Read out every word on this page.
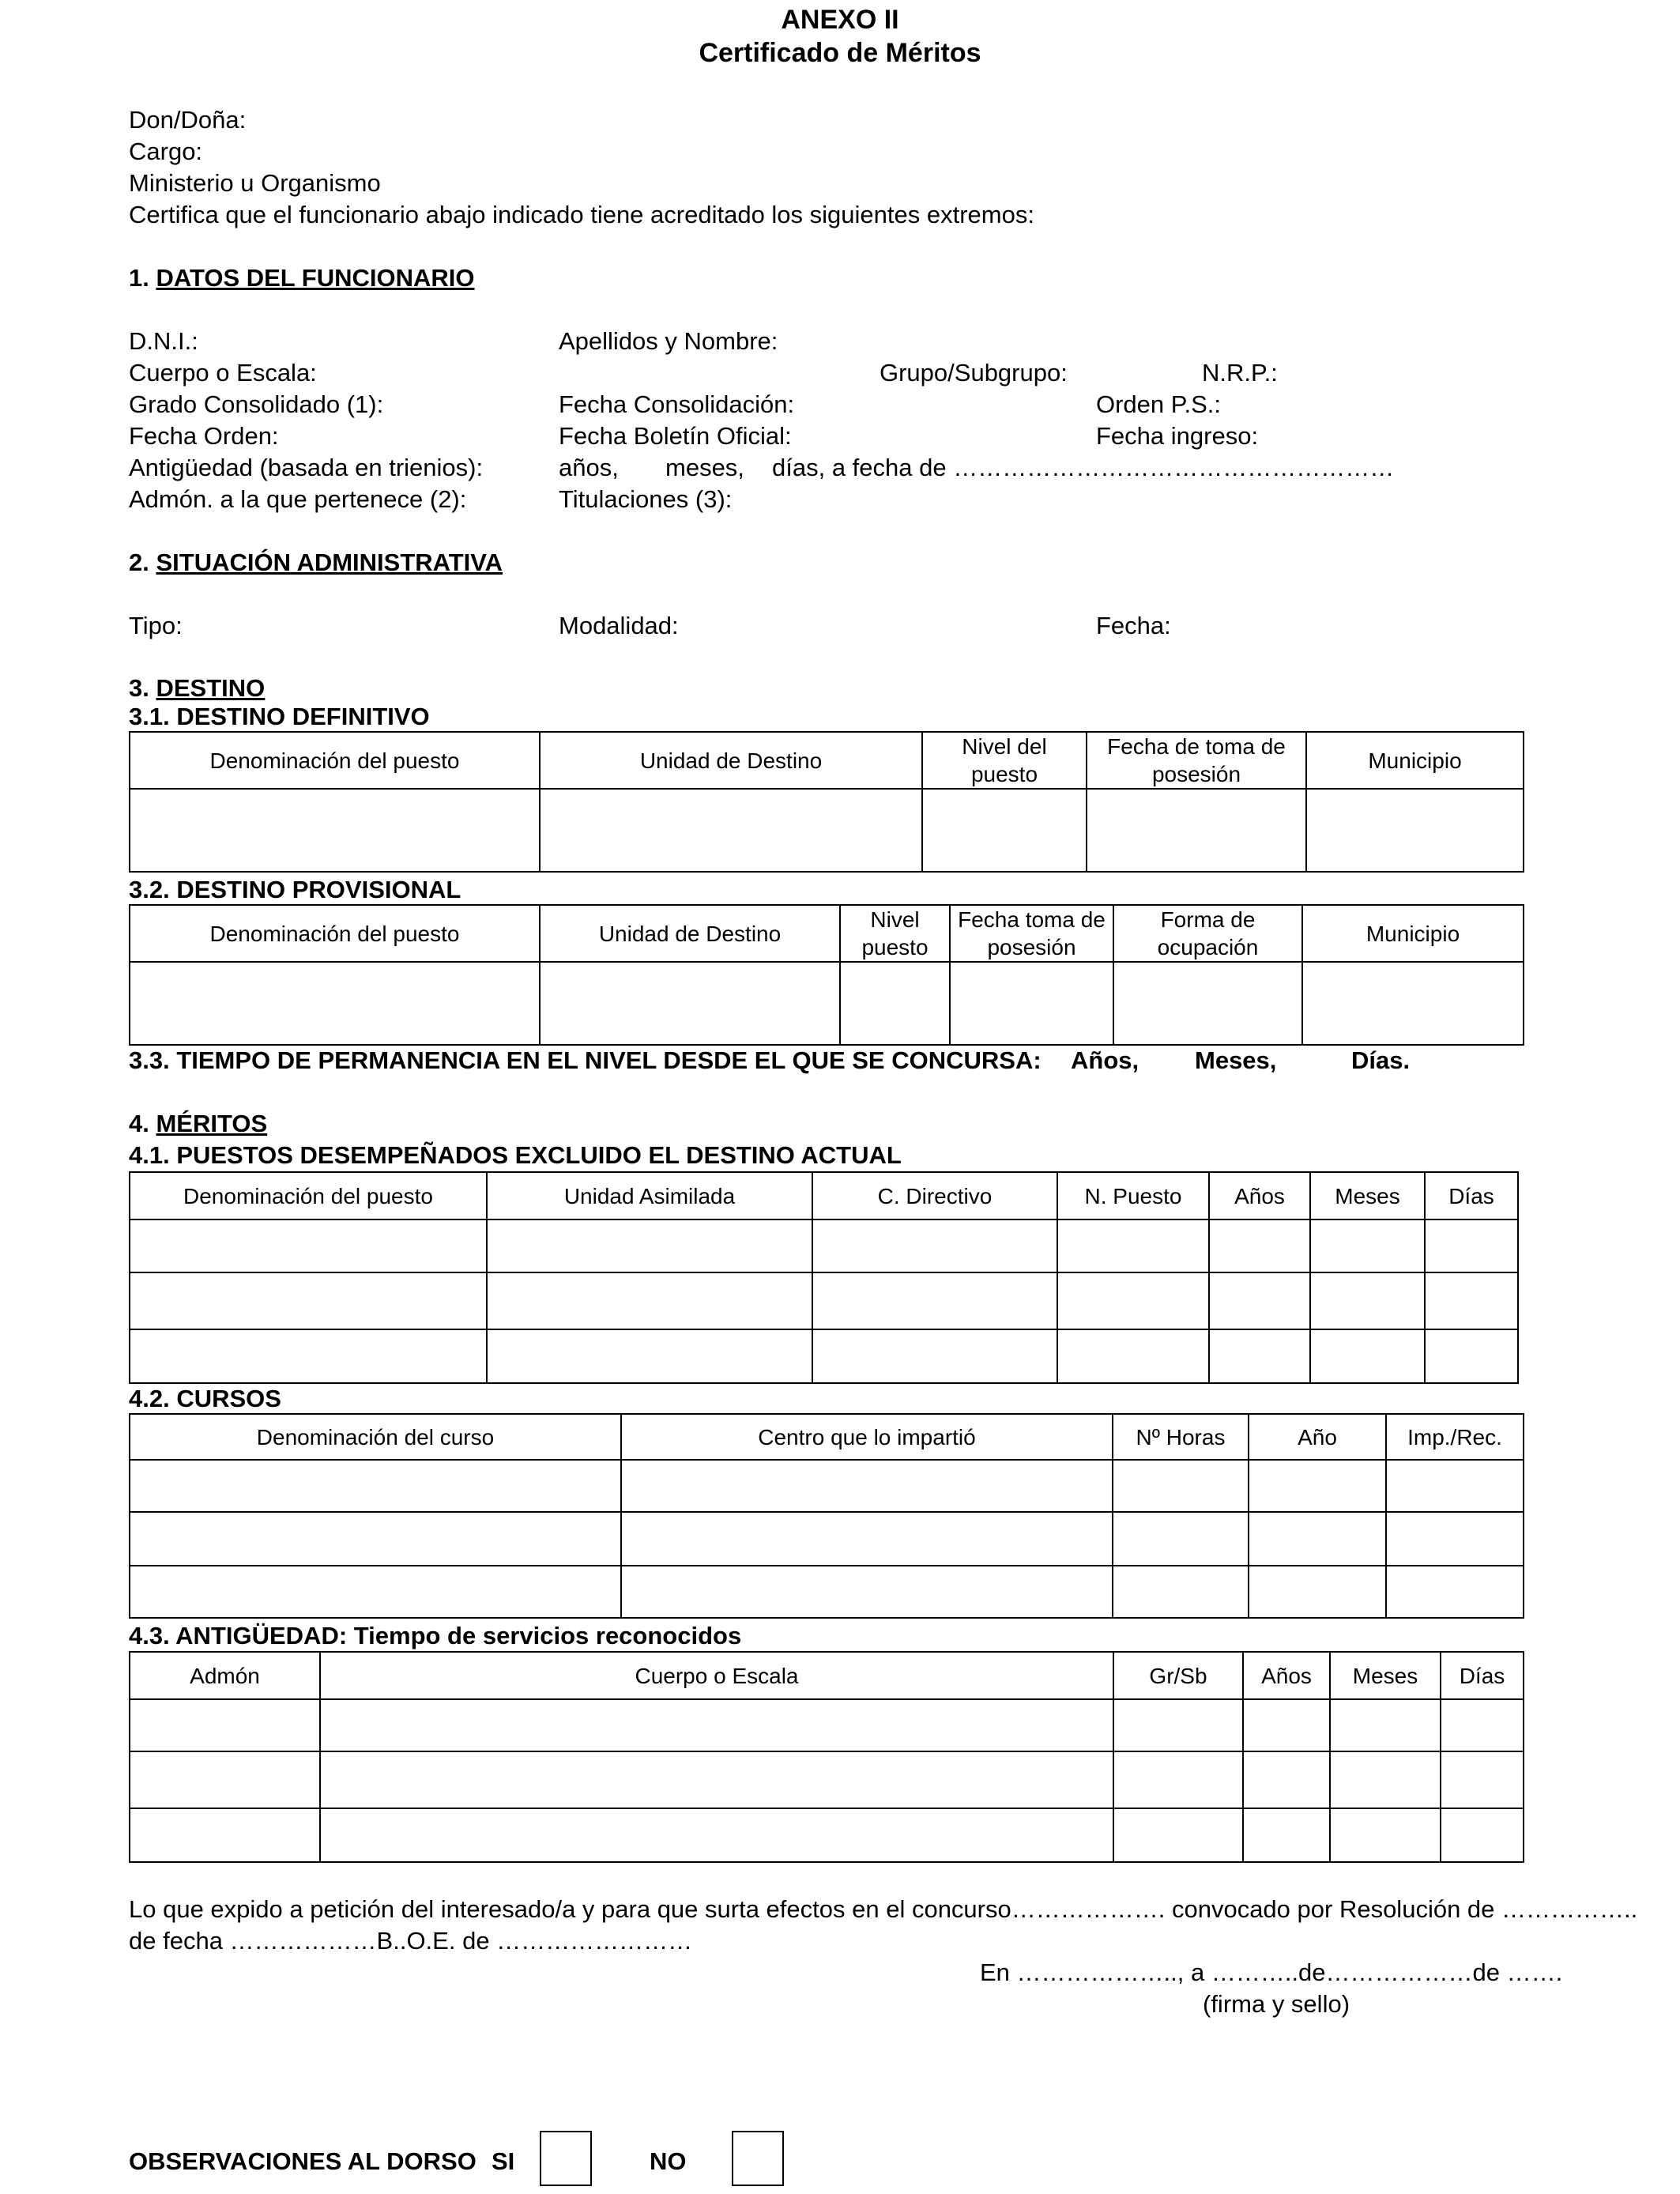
ANEXO II
Certificado de Méritos
Don/Doña:
Cargo:
Ministerio u Organismo
Certifica que el funcionario abajo indicado tiene acreditado los siguientes extremos:
1. DATOS DEL FUNCIONARIO
D.N.I.:	Apellidos y Nombre:
Cuerpo o Escala:	Grupo/Subgrupo:	N.R.P.:
Grado Consolidado (1):	Fecha Consolidación:	Orden P.S.:
Fecha Orden:	Fecha Boletín Oficial:	Fecha ingreso:
Antigüedad (basada en trienios):	años, meses, días, a fecha de ………………………………………………
Admón. a la que pertenece (2):	Titulaciones (3):
2. SITUACIÓN ADMINISTRATIVA
Tipo:	Modalidad:	Fecha:
3. DESTINO
3.1. DESTINO DEFINITIVO
Denominación del puesto	Unidad de Destino	Nivel del puesto	Fecha de toma de posesión	Municipio

3.2. DESTINO PROVISIONAL
Denominación del puesto	Unidad de Destino	Nivel puesto	Fecha toma de posesión	Forma de ocupación	Municipio

3.3. TIEMPO DE PERMANENCIA EN EL NIVEL DESDE EL QUE SE CONCURSA: Años, Meses,	Días.
4. MÉRITOS
4.1. PUESTOS DESEMPEÑADOS EXCLUIDO EL DESTINO ACTUAL
Denominación del puesto	Unidad Asimilada	C. Directivo	N. Puesto	Años	Meses	Días

4.2. CURSOS
Denominación del curso	Centro que lo impartió	Nº Horas	Año	Imp./Rec.

4.3. ANTIGÜEDAD: Tiempo de servicios reconocidos
Admón	Cuerpo o Escala	Gr/Sb	Años	Meses	Días

Lo que expido a petición del interesado/a y para que surta efectos en el concurso………………. convocado por Resolución de ……………..
de fecha ………………B..O.E. de ……………………
En ……………….., a ………..de………………de …….
(firma y sello)
OBSERVACIONES AL DORSO SI	NO
